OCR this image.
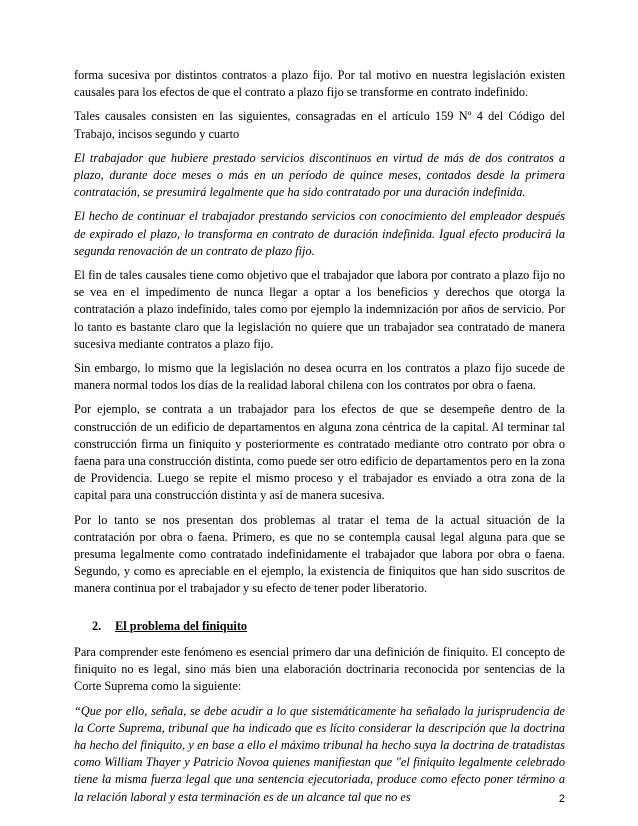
forma sucesiva por distintos contratos a plazo fijo. Por tal motivo en nuestra legislación existen causales para los efectos de que el contrato a plazo fijo se transforme en contrato indefinido.

Tales causales consisten en las siguientes, consagradas en el artículo 159 Nº 4 del Código del Trabajo, incisos segundo y cuarto

El trabajador que hubiere prestado servicios discontinuos en virtud de más de dos contratos a plazo, durante doce meses o más en un período de quince meses, contados desde la primera contratación, se presumirá legalmente que ha sido contratado por una duración indefinida.

El hecho de continuar el trabajador prestando servicios con conocimiento del empleador después de expirado el plazo, lo transforma en contrato de duración indefinida. Igual efecto producirá la segunda renovación de un contrato de plazo fijo.

El fin de tales causales tiene como objetivo que el trabajador que labora por contrato a plazo fijo no se vea en el impedimento de nunca llegar a optar a los beneficios y derechos que otorga la contratación a plazo indefinido, tales como por ejemplo la indemnización por años de servicio. Por lo tanto es bastante claro que la legislación no quiere que un trabajador sea contratado de manera sucesiva mediante contratos a plazo fijo.

Sin embargo, lo mismo que la legislación no desea ocurra en los contratos a plazo fijo sucede de manera normal todos los días de la realidad laboral chilena con los contratos por obra o faena.

Por ejemplo, se contrata a un trabajador para los efectos de que se desempeñe dentro de la construcción de un edificio de departamentos en alguna zona céntrica de la capital. Al terminar tal construcción firma un finiquito y posteriormente es contratado mediante otro contrato por obra o faena para una construcción distinta, como puede ser otro edificio de departamentos pero en la zona de Providencia. Luego se repite el mismo proceso y el trabajador es enviado a otra zona de la capital para una construcción distinta y así de manera sucesiva.

Por lo tanto se nos presentan dos problemas al tratar el tema de la actual situación de la contratación por obra o faena. Primero, es que no se contempla causal legal alguna para que se presuma legalmente como contratado indefinidamente el trabajador que labora por obra o faena. Segundo, y como es apreciable en el ejemplo, la existencia de finiquitos que han sido suscritos de manera continua por el trabajador y su efecto de tener poder liberatorio.

2. El problema del finiquito

Para comprender este fenómeno es esencial primero dar una definición de finiquito. El concepto de finiquito no es legal, sino más bien una elaboración doctrinaria reconocida por sentencias de la Corte Suprema como la siguiente:

“Que por ello, señala, se debe acudir a lo que sistemáticamente ha señalado la jurisprudencia de la Corte Suprema, tribunal que ha indicado que es lícito considerar la descripción que la doctrina ha hecho del finiquito, y en base a ello el máximo tribunal ha hecho suya la doctrina de tratadistas como William Thayer y Patricio Novoa quienes manifiestan que "el finiquito legalmente celebrado tiene la misma fuerza legal que una sentencia ejecutoriada, produce como efecto poner término a la relación laboral y esta terminación es de un alcance tal que no es	2
